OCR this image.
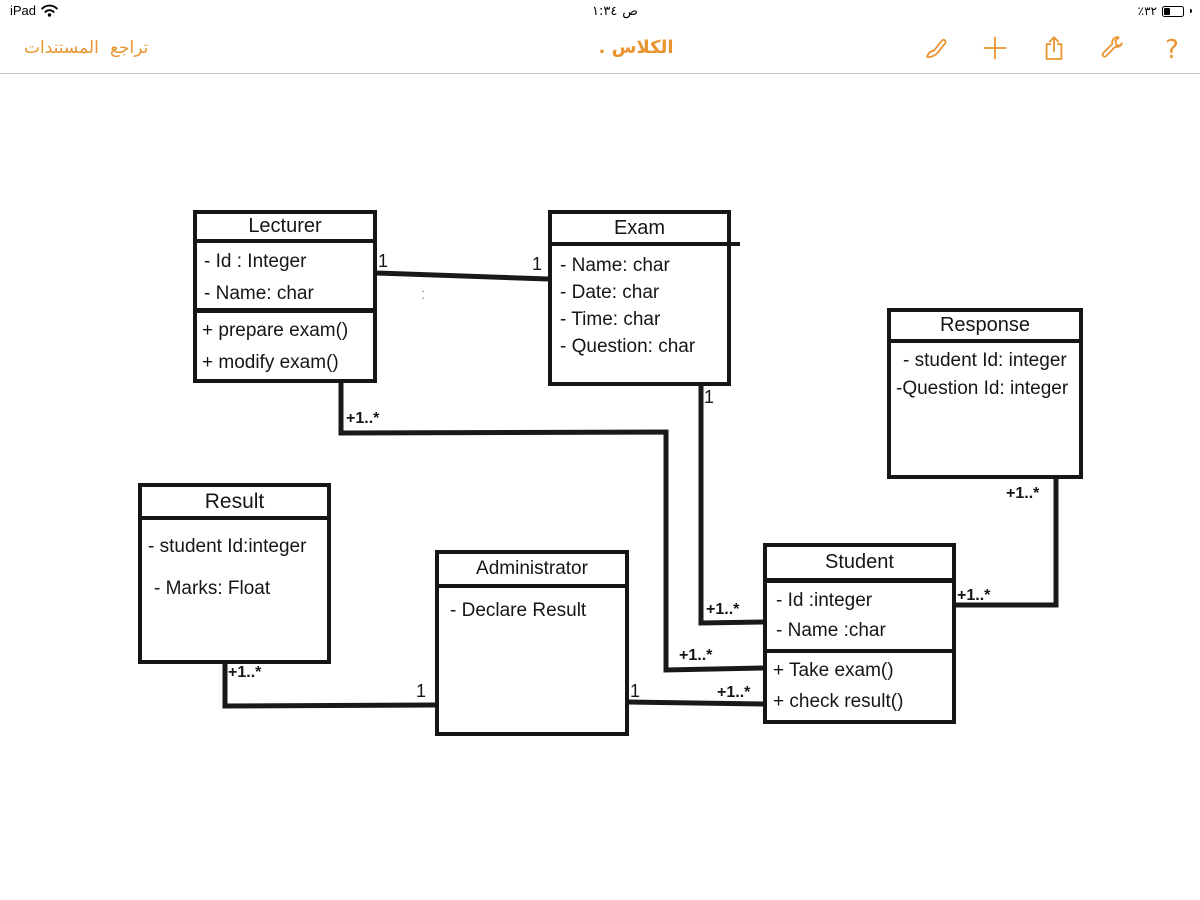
iPad	١:٣٤ ص	٪٣٢
المستندات تراجع	الكلاس .	?
Lecturer
- Id : Integer
- Name: char
+ prepare exam()
+ modify exam()
Exam
- Name: char
- Date: char
- Time: char
- Question: char
Response
- student Id: integer
-Question Id: integer
Result
- student Id:integer
- Marks: Float
Administrator
- Declare Result
Student
- Id :integer
- Name :char
+ Take exam()
+ check result()
1	1
+1..*
+1..*
1
+1..*
+1..*
+1..*
+1..*
1	1	+1..*
:
